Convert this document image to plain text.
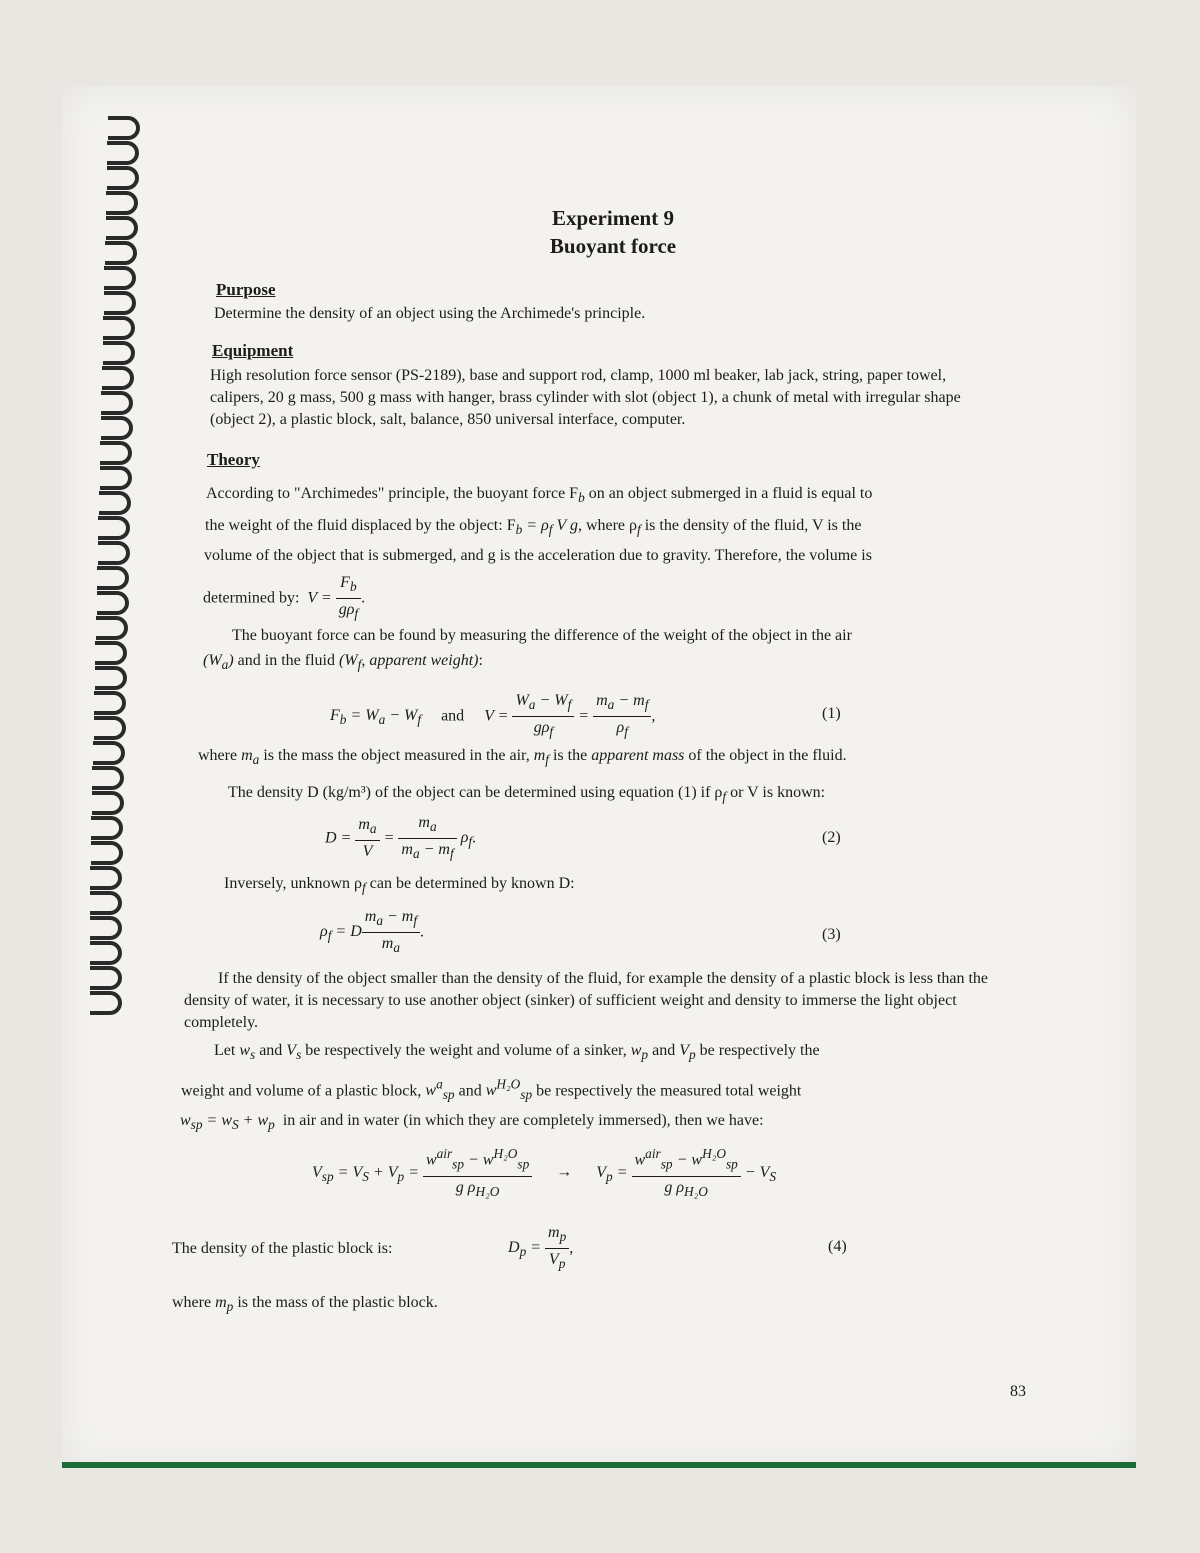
Experiment 9
Buoyant force
Purpose
Determine the density of an object using the Archimede's principle.
Equipment
High resolution force sensor (PS-2189), base and support rod, clamp, 1000 ml beaker, lab jack, string, paper towel, calipers, 20 g mass, 500 g mass with hanger, brass cylinder with slot (object 1), a chunk of metal with irregular shape (object 2), a plastic block, salt, balance, 850 universal interface, computer.
Theory
According to "Archimedes" principle, the buoyant force $F_b$ on an object submerged in a fluid is equal to
the weight of the fluid displaced by the object: $F_b = \rho_f$ V g, where $\rho_f$ is the density of the fluid, V is the
volume of the object that is submerged, and g is the acceleration due to gravity. Therefore, the volume is
determined by:  $V = \frac{F_b}{g\rho_f}$ .
The buoyant force can be found by measuring the difference of the weight of the object in the air
$(W_a)$ and in the fluid ($W_f$, apparent weight):
$F_b = W_a - W_f$ and $V = \frac{W_a - W_f}{g\rho_f} = \frac{m_a - m_f}{\rho_f}$ ,	(1)
where $m_a$ is the mass the object measured in the air, $m_f$ is the apparent mass of the object in the fluid.
The density D (kg/m³) of the object can be determined using equation (1) if $\rho_f$ or V is known:
$D = \frac{m_a}{V} = \frac{m_a}{m_a - m_f} \rho_f$.	(2)
Inversely, unknown $\rho_f$ can be determined by known D:
$\rho_f = D \frac{m_a - m_f}{m_a}$ .	(3)
If the density of the object smaller than the density of the fluid, for example the density of a plastic block is less than the density of water, it is necessary to use another object (sinker) of sufficient weight and density to immerse the light object completely.
Let $w_s$ and $V_s$ be respectively the weight and volume of a sinker, $w_p$ and $V_p$ be respectively the
weight and volume of a plastic block, $w^a_{sp}$ and $w^{H_2O}_{sp}$ be respectively the measured total weight
$w_{sp} = w_S + w_p$ in air and in water (in which they are completely immersed), then we have:
$V_{sp} = V_S + V_p = \frac{w^{air}_{sp} - w^{H_2O}_{sp}}{g \rho_{H_2O}} \to V_p = \frac{w^{air}_{sp} - w^{H_2O}_{sp}}{g \rho_{H_2O}} - V_S$
The density of the plastic block is:	$D_p = \frac{m_p}{V_p}$ ,	(4)
where $m_p$ is the mass of the plastic block.
83
